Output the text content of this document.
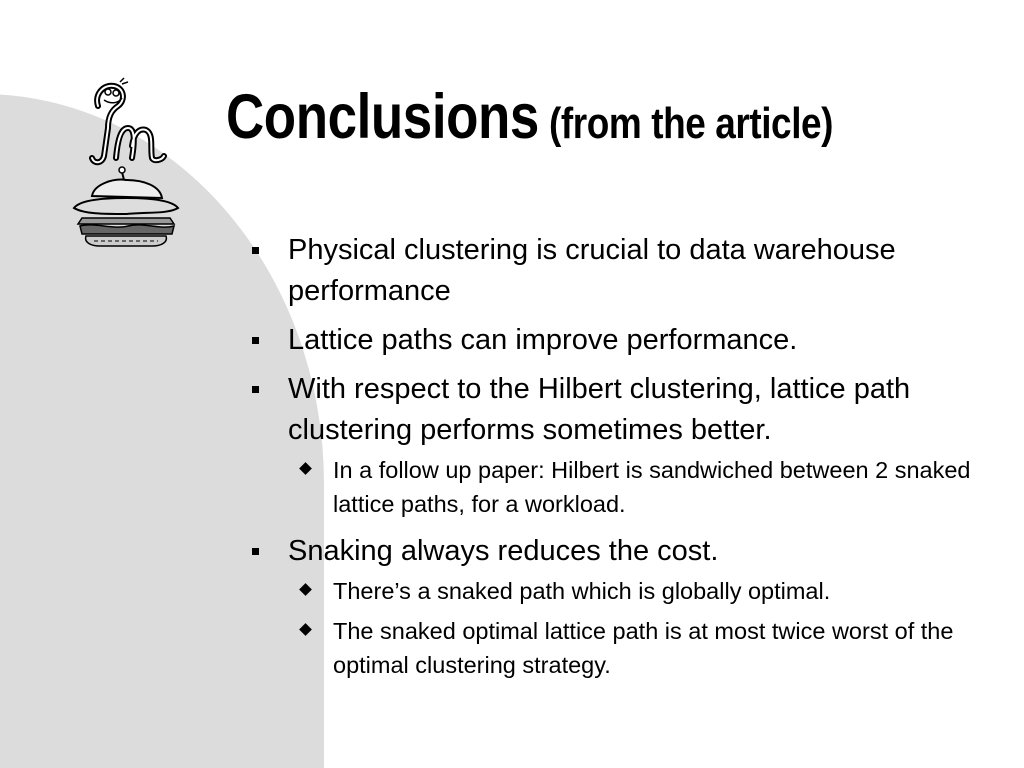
Conclusions (from the article)
Physical clustering is crucial to data warehouse performance
Lattice paths can improve performance.
With respect to the Hilbert clustering, lattice path clustering performs sometimes better.
In a follow up paper: Hilbert is sandwiched between 2 snaked lattice paths, for a workload.
Snaking always reduces the cost.
There’s a snaked path which is globally optimal.
The snaked optimal lattice path is at most twice worst of the optimal clustering strategy.
